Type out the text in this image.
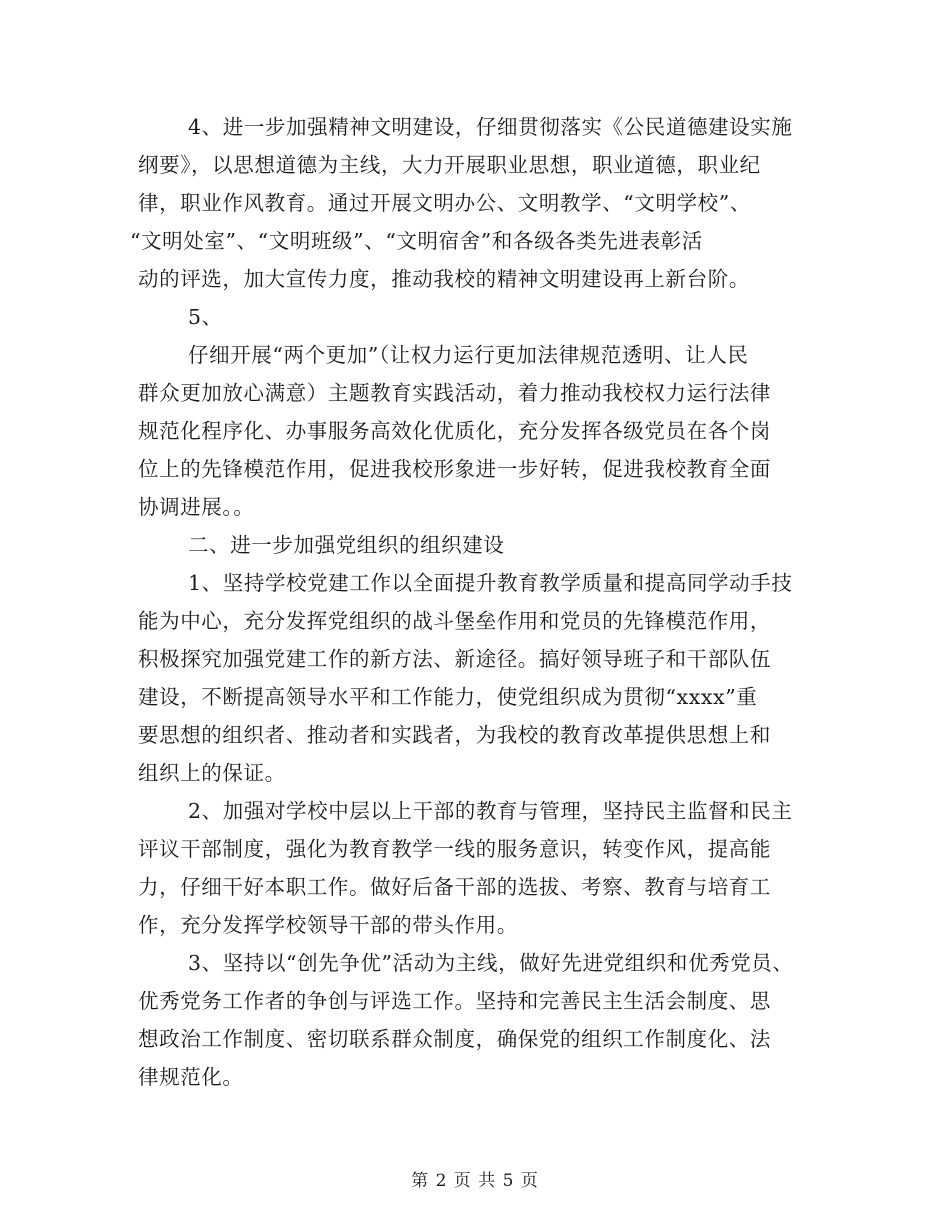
4、进一步加强精神文明建设，仔细贯彻落实《公民道德建设实施
纲要》，以思想道德为主线，大力开展职业思想，职业道德，职业纪
律，职业作风教育。通过开展文明办公、文明教学、“文明学校”、
“文明处室”、“文明班级”、“文明宿舍”和各级各类先进表彰活
动的评选，加大宣传力度，推动我校的精神文明建设再上新台阶。
5、
仔细开展“两个更加”（让权力运行更加法律规范透明、让人民
群众更加放心满意）主题教育实践活动，着力推动我校权力运行法律
规范化程序化、办事服务高效化优质化，充分发挥各级党员在各个岗
位上的先锋模范作用，促进我校形象进一步好转，促进我校教育全面
协调进展。。
二、进一步加强党组织的组织建设
1、坚持学校党建工作以全面提升教育教学质量和提高同学动手技
能为中心，充分发挥党组织的战斗堡垒作用和党员的先锋模范作用，
积极探究加强党建工作的新方法、新途径。搞好领导班子和干部队伍
建设，不断提高领导水平和工作能力，使党组织成为贯彻“xxxx”重
要思想的组织者、推动者和实践者，为我校的教育改革提供思想上和
组织上的保证。
2、加强对学校中层以上干部的教育与管理，坚持民主监督和民主
评议干部制度，强化为教育教学一线的服务意识，转变作风，提高能
力，仔细干好本职工作。做好后备干部的选拔、考察、教育与培育工
作，充分发挥学校领导干部的带头作用。
3、坚持以“创先争优”活动为主线，做好先进党组织和优秀党员、
优秀党务工作者的争创与评选工作。坚持和完善民主生活会制度、思
想政治工作制度、密切联系群众制度，确保党的组织工作制度化、法
律规范化。
第 2 页 共 5 页
